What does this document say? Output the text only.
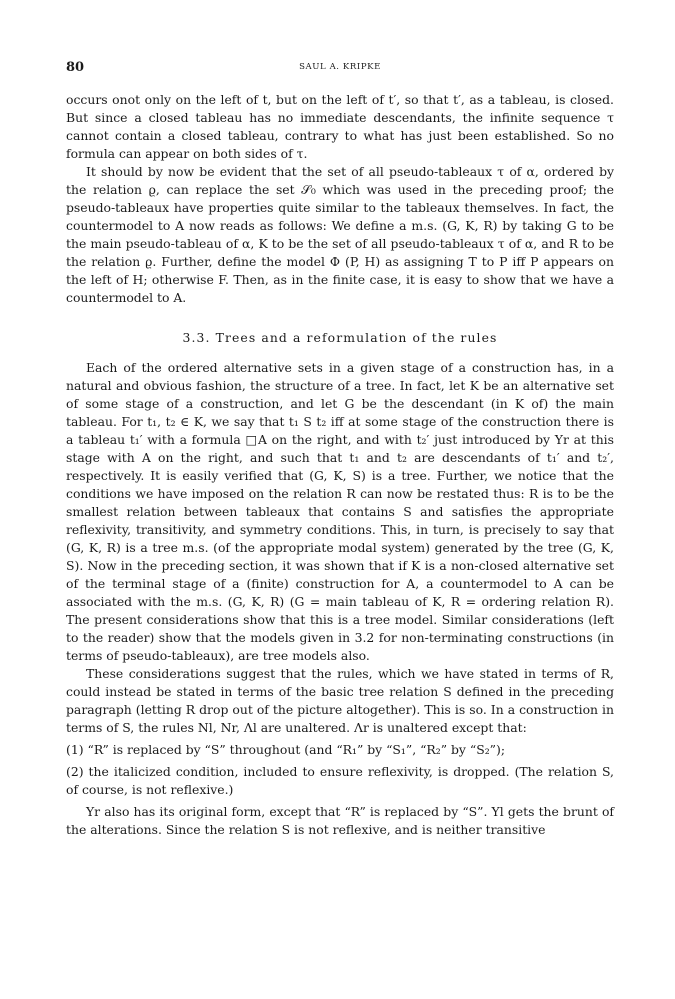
80	SAUL A. KRIPKE

occurs onot only on the left of t, but on the left of t′, so that t′, as a tableau, is closed. But since a closed tableau has no immediate descendants, the infinite sequence τ cannot contain a closed tableau, contrary to what has just been established. So no formula can appear on both sides of τ.

It should by now be evident that the set of all pseudo-tableaux τ of α, ordered by the relation ϱ, can replace the set 𝒮₀ which was used in the preceding proof; the pseudo-tableaux have properties quite similar to the tableaux themselves. In fact, the countermodel to A now reads as follows: We define a m.s. (G, K, R) by taking G to be the main pseudo-tableau of α, K to be the set of all pseudo-tableaux τ of α, and R to be the relation ϱ. Further, define the model Φ (P, H) as assigning T to P iff P appears on the left of H; otherwise F. Then, as in the finite case, it is easy to show that we have a countermodel to A.

3.3. Trees and a reformulation of the rules

Each of the ordered alternative sets in a given stage of a construction has, in a natural and obvious fashion, the structure of a tree. In fact, let K be an alternative set of some stage of a construction, and let G be the descendant (in K of) the main tableau. For t₁, t₂ ∈ K, we say that t₁ S t₂ iff at some stage of the construction there is a tableau t₁′ with a formula □A on the right, and with t₂′ just introduced by Yr at this stage with A on the right, and such that t₁ and t₂ are descendants of t₁′ and t₂′, respectively. It is easily verified that (G, K, S) is a tree. Further, we notice that the conditions we have imposed on the relation R can now be restated thus: R is to be the smallest relation between tableaux that contains S and satisfies the appropriate reflexivity, transitivity, and symmetry conditions. This, in turn, is precisely to say that (G, K, R) is a tree m.s. (of the appropriate modal system) generated by the tree (G, K, S). Now in the preceding section, it was shown that if K is a non-closed alternative set of the terminal stage of a (finite) construction for A, a countermodel to A can be associated with the m.s. (G, K, R) (G = main tableau of K, R = ordering relation R). The present considerations show that this is a tree model. Similar considerations (left to the reader) show that the models given in 3.2 for non-terminating constructions (in terms of pseudo-tableaux), are tree models also.

These considerations suggest that the rules, which we have stated in terms of R, could instead be stated in terms of the basic tree relation S defined in the preceding paragraph (letting R drop out of the picture altogether). This is so. In a construction in terms of S, the rules Nl, Nr, Λl are unaltered. Λr is unaltered except that:

(1) “R” is replaced by “S” throughout (and “R₁” by “S₁”, “R₂” by “S₂”);

(2) the italicized condition, included to ensure reflexivity, is dropped. (The relation S, of course, is not reflexive.)

Yr also has its original form, except that “R” is replaced by “S”. Yl gets the brunt of the alterations. Since the relation S is not reflexive, and is neither transitive
